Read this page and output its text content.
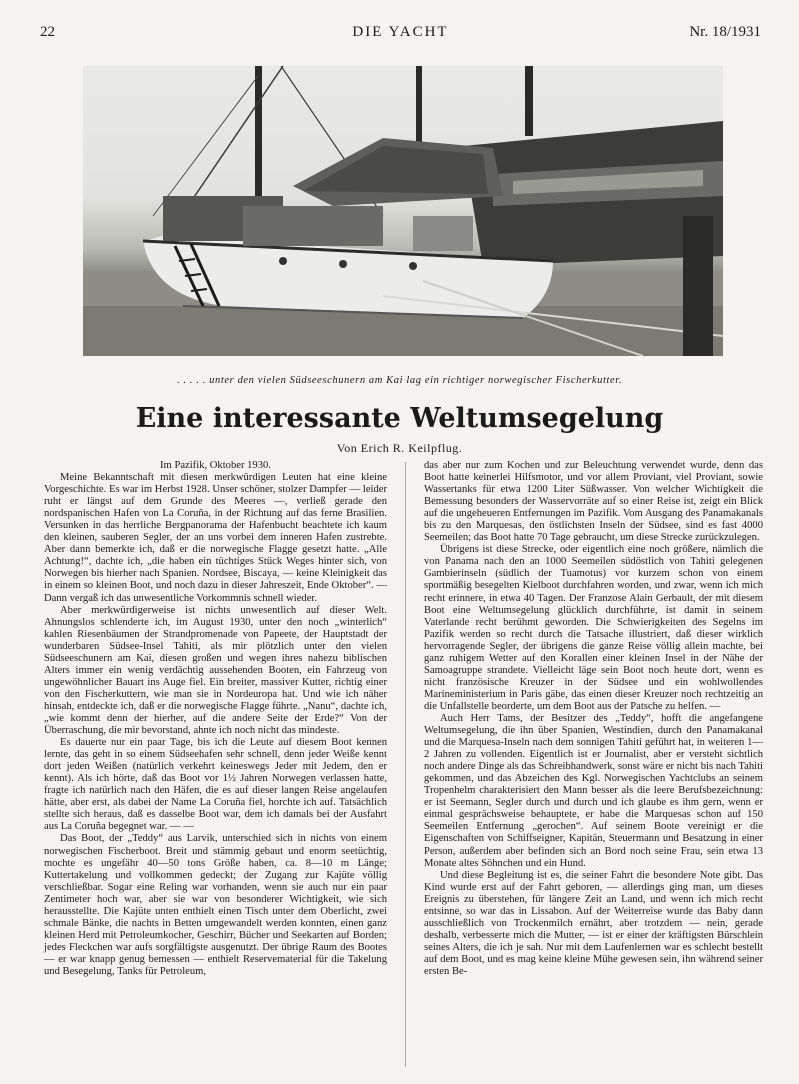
22	DIE YACHT	Nr. 18/1931
. . . . . unter den vielen Südseeschunern am Kai lag ein richtiger norwegischer Fischerkutter.
Eine interessante Weltumsegelung
Von Erich R. Keilpflug.

Im Pazifik, Oktober 1930.

Meine Bekanntschaft mit diesen merkwürdigen Leuten hat eine kleine Vorgeschichte. Es war im Herbst 1928. Unser schöner, stolzer Dampfer — leider ruht er längst auf dem Grunde des Meeres —, verließ gerade den nordspanischen Hafen von La Coruña, in der Richtung auf das ferne Brasilien. Versunken in das herrliche Bergpanorama der Hafenbucht beachtete ich kaum den kleinen, sauberen Segler, der an uns vorbei dem inneren Hafen zustrebte. Aber dann bemerkte ich, daß er die norwegische Flagge gesetzt hatte. „Alle Achtung!“, dachte ich, „die haben ein tüchtiges Stück Weges hinter sich, von Norwegen bis hierher nach Spanien. Nordsee, Biscaya, — keine Kleinigkeit das in einem so kleinen Boot, und noch dazu in dieser Jahreszeit, Ende Oktober“. — Dann vergaß ich das unwesentliche Vorkommnis schnell wieder.

Aber merkwürdigerweise ist nichts unwesentlich auf dieser Welt. Ahnungslos schlenderte ich, im August 1930, unter den noch „winterlich“ kahlen Riesenbäumen der Strandpromenade von Papeete, der Hauptstadt der wunderbaren Südsee-Insel Tahiti, als mir plötzlich unter den vielen Südseeschunern am Kai, diesen großen und wegen ihres nahezu biblischen Alters immer ein wenig verdächtig aussehenden Booten, ein Fahrzeug von ungewöhnlicher Bauart ins Auge fiel. Ein breiter, massiver Kutter, richtig einer von den Fischerkuttern, wie man sie in Nordeuropa hat. Und wie ich näher hinsah, entdeckte ich, daß er die norwegische Flagge führte. „Nanu“, dachte ich, „wie kommt denn der hierher, auf die andere Seite der Erde?“ Von der Überraschung, die mir bevorstand, ahnte ich noch nicht das mindeste.

Es dauerte nur ein paar Tage, bis ich die Leute auf diesem Boot kennen lernte, das geht in so einem Südseehafen sehr schnell, denn jeder Weiße kennt dort jeden Weißen (natürlich verkehrt keineswegs Jeder mit Jedem, den er kennt). Als ich hörte, daß das Boot vor 1½ Jahren Norwegen verlassen hatte, fragte ich natürlich nach den Häfen, die es auf dieser langen Reise angelaufen hätte, aber erst, als dabei der Name La Coruña fiel, horchte ich auf. Tatsächlich stellte sich heraus, daß es dasselbe Boot war, dem ich damals bei der Ausfahrt aus La Coruña begegnet war. — —

Das Boot, der „Teddy“ aus Larvik, unterschied sich in nichts von einem norwegischen Fischerboot. Breit und stämmig gebaut und enorm seetüchtig, mochte es ungefähr 40—50 tons Größe haben, ca. 8—10 m Länge; Kuttertakelung und vollkommen gedeckt; der Zugang zur Kajüte völlig verschließbar. Sogar eine Reling war vorhanden, wenn sie auch nur ein paar Zentimeter hoch war, aber sie war von besonderer Wichtigkeit, wie sich herausstellte. Die Kajüte unten enthielt einen Tisch unter dem Oberlicht, zwei schmale Bänke, die nachts in Betten umgewandelt werden konnten, einen ganz kleinen Herd mit Petroleumkocher, Geschirr, Bücher und Seekarten auf Borden; jedes Fleckchen war aufs sorgfältigste ausgenutzt. Der übrige Raum des Bootes — er war knapp genug bemessen — enthielt Reservematerial für die Takelung und Besegelung, Tanks für Petroleum,

das aber nur zum Kochen und zur Beleuchtung verwendet wurde, denn das Boot hatte keinerlei Hilfsmotor, und vor allem Proviant, viel Proviant, sowie Wassertanks für etwa 1200 Liter Süßwasser. Von welcher Wichtigkeit die Bemessung besonders der Wasservorräte auf so einer Reise ist, zeigt ein Blick auf die ungeheueren Entfernungen im Pazifik. Vom Ausgang des Panamakanals bis zu den Marquesas, den östlichsten Inseln der Südsee, sind es fast 4000 Seemeilen; das Boot hatte 70 Tage gebraucht, um diese Strecke zurückzulegen.

Übrigens ist diese Strecke, oder eigentlich eine noch größere, nämlich die von Panama nach den an 1000 Seemeilen südöstlich von Tahiti gelegenen Gambierinseln (südlich der Tuamotus) vor kurzem schon von einem sportmäßig besegelten Kielboot durchfahren worden, und zwar, wenn ich mich recht erinnere, in etwa 40 Tagen. Der Franzose Alain Gerbault, der mit diesem Boot eine Weltumsegelung glücklich durchführte, ist damit in seinem Vaterlande recht berühmt geworden. Die Schwierigkeiten des Segelns im Pazifik werden so recht durch die Tatsache illustriert, daß dieser wirklich hervorragende Segler, der übrigens die ganze Reise völlig allein machte, bei ganz ruhigem Wetter auf den Korallen einer kleinen Insel in der Nähe der Samoagruppe strandete. Vielleicht läge sein Boot noch heute dort, wenn es nicht französische Kreuzer in der Südsee und ein wohlwollendes Marineministerium in Paris gäbe, das einen dieser Kreuzer noch rechtzeitig an die Unfallstelle beorderte, um dem Boot aus der Patsche zu helfen. —

Auch Herr Tams, der Besitzer des „Teddy“, hofft die angefangene Weltumsegelung, die ihn über Spanien, Westindien, durch den Panamakanal und die Marquesa-Inseln nach dem sonnigen Tahiti geführt hat, in weiteren 1—2 Jahren zu vollenden. Eigentlich ist er Journalist, aber er versteht sichtlich noch andere Dinge als das Schreibhandwerk, sonst wäre er nicht bis nach Tahiti gekommen, und das Abzeichen des Kgl. Norwegischen Yachtclubs an seinem Tropenhelm charakterisiert den Mann besser als die leere Berufsbezeichnung: er ist Seemann, Segler durch und durch und ich glaube es ihm gern, wenn er einmal gesprächsweise behauptete, er habe die Marquesas schon auf 150 Seemeilen Entfernung „gerochen“. Auf seinem Boote vereinigt er die Eigenschaften von Schiffseigner, Kapitän, Steuermann und Besatzung in einer Person, außerdem aber befinden sich an Bord noch seine Frau, sein etwa 13 Monate altes Söhnchen und ein Hund.

Und diese Begleitung ist es, die seiner Fahrt die besondere Note gibt. Das Kind wurde erst auf der Fahrt geboren, — allerdings ging man, um dieses Ereignis zu überstehen, für längere Zeit an Land, und wenn ich mich recht entsinne, so war das in Lissabon. Auf der Weiterreise wurde das Baby dann ausschließlich von Trockenmilch ernährt, aber trotzdem — nein, gerade deshalb, verbesserte mich die Mutter, — ist er einer der kräftigsten Bürschlein seines Alters, die ich je sah. Nur mit dem Laufenlernen war es schlecht bestellt auf dem Boot, und es mag keine kleine Mühe gewesen sein, ihn während seiner ersten Be-
